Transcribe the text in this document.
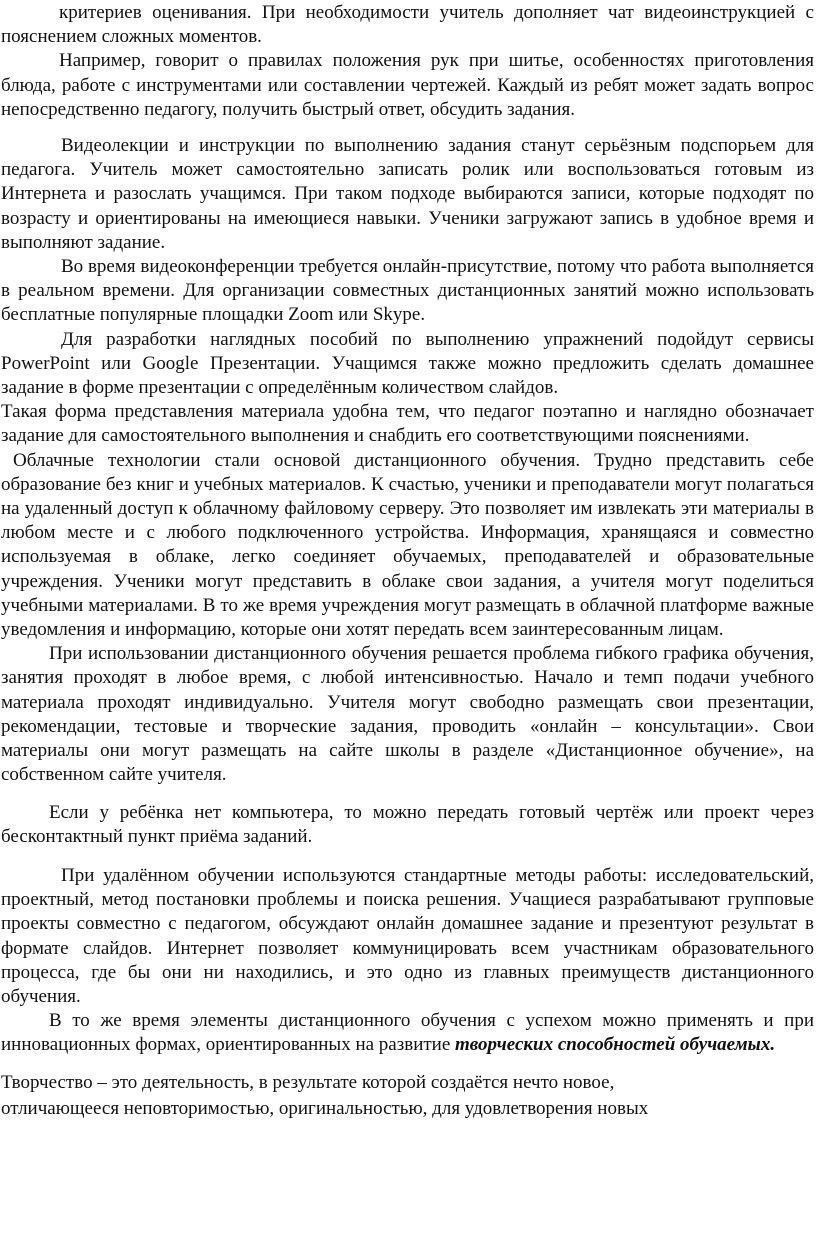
критериев оценивания. При необходимости учитель дополняет чат видеоинструкцией с пояснением сложных моментов.

Например, говорит о правилах положения рук при шитье, особенностях приготовления блюда, работе с инструментами или составлении чертежей. Каждый из ребят может задать вопрос непосредственно педагогу, получить быстрый ответ, обсудить задания.

Видеолекции и инструкции по выполнению задания станут серьёзным подспорьем для педагога. Учитель может самостоятельно записать ролик или воспользоваться готовым из Интернета и разослать учащимся. При таком подходе выбираются записи, которые подходят по возрасту и ориентированы на имеющиеся навыки. Ученики загружают запись в удобное время и выполняют задание.

Во время видеоконференции требуется онлайн-присутствие, потому что работа выполняется в реальном времени. Для организации совместных дистанционных занятий можно использовать бесплатные популярные площадки Zoom или Skype.

Для разработки наглядных пособий по выполнению упражнений подойдут сервисы PowerPoint или Google Презентации. Учащимся также можно предложить сделать домашнее задание в форме презентации с определённым количеством слайдов.

Такая форма представления материала удобна тем, что педагог поэтапно и наглядно обозначает задание для самостоятельного выполнения и снабдить его соответствующими пояснениями.

Облачные технологии стали основой дистанционного обучения. Трудно представить себе образование без книг и учебных материалов. К счастью, ученики и преподаватели могут полагаться на удаленный доступ к облачному файловому серверу. Это позволяет им извлекать эти материалы в любом месте и с любого подключенного устройства. Информация, хранящаяся и совместно используемая в облаке, легко соединяет обучаемых, преподавателей и образовательные учреждения. Ученики могут представить в облаке свои задания, а учителя могут поделиться учебными материалами. В то же время учреждения могут размещать в облачной платформе важные уведомления и информацию, которые они хотят передать всем заинтересованным лицам.

При использовании дистанционного обучения решается проблема гибкого графика обучения, занятия проходят в любое время, с любой интенсивностью. Начало и темп подачи учебного материала проходят индивидуально. Учителя могут свободно размещать свои презентации, рекомендации, тестовые и творческие задания, проводить «онлайн – консультации». Свои материалы они могут размещать на сайте школы в разделе «Дистанционное обучение», на собственном сайте учителя.

Если у ребёнка нет компьютера, то можно передать готовый чертёж или проект через бесконтактный пункт приёма заданий.

При удалённом обучении используются стандартные методы работы: исследовательский, проектный, метод постановки проблемы и поиска решения. Учащиеся разрабатывают групповые проекты совместно с педагогом, обсуждают онлайн домашнее задание и презентуют результат в формате слайдов. Интернет позволяет коммуницировать всем участникам образовательного процесса, где бы они ни находились, и это одно из главных преимуществ дистанционного обучения.

В то же время элементы дистанционного обучения с успехом можно применять и при инновационных формах, ориентированных на развитие творческих способностей обучаемых.

Творчество – это деятельность, в результате которой создаётся нечто новое,

отличающееся неповторимостью, оригинальностью, для удовлетворения новых
